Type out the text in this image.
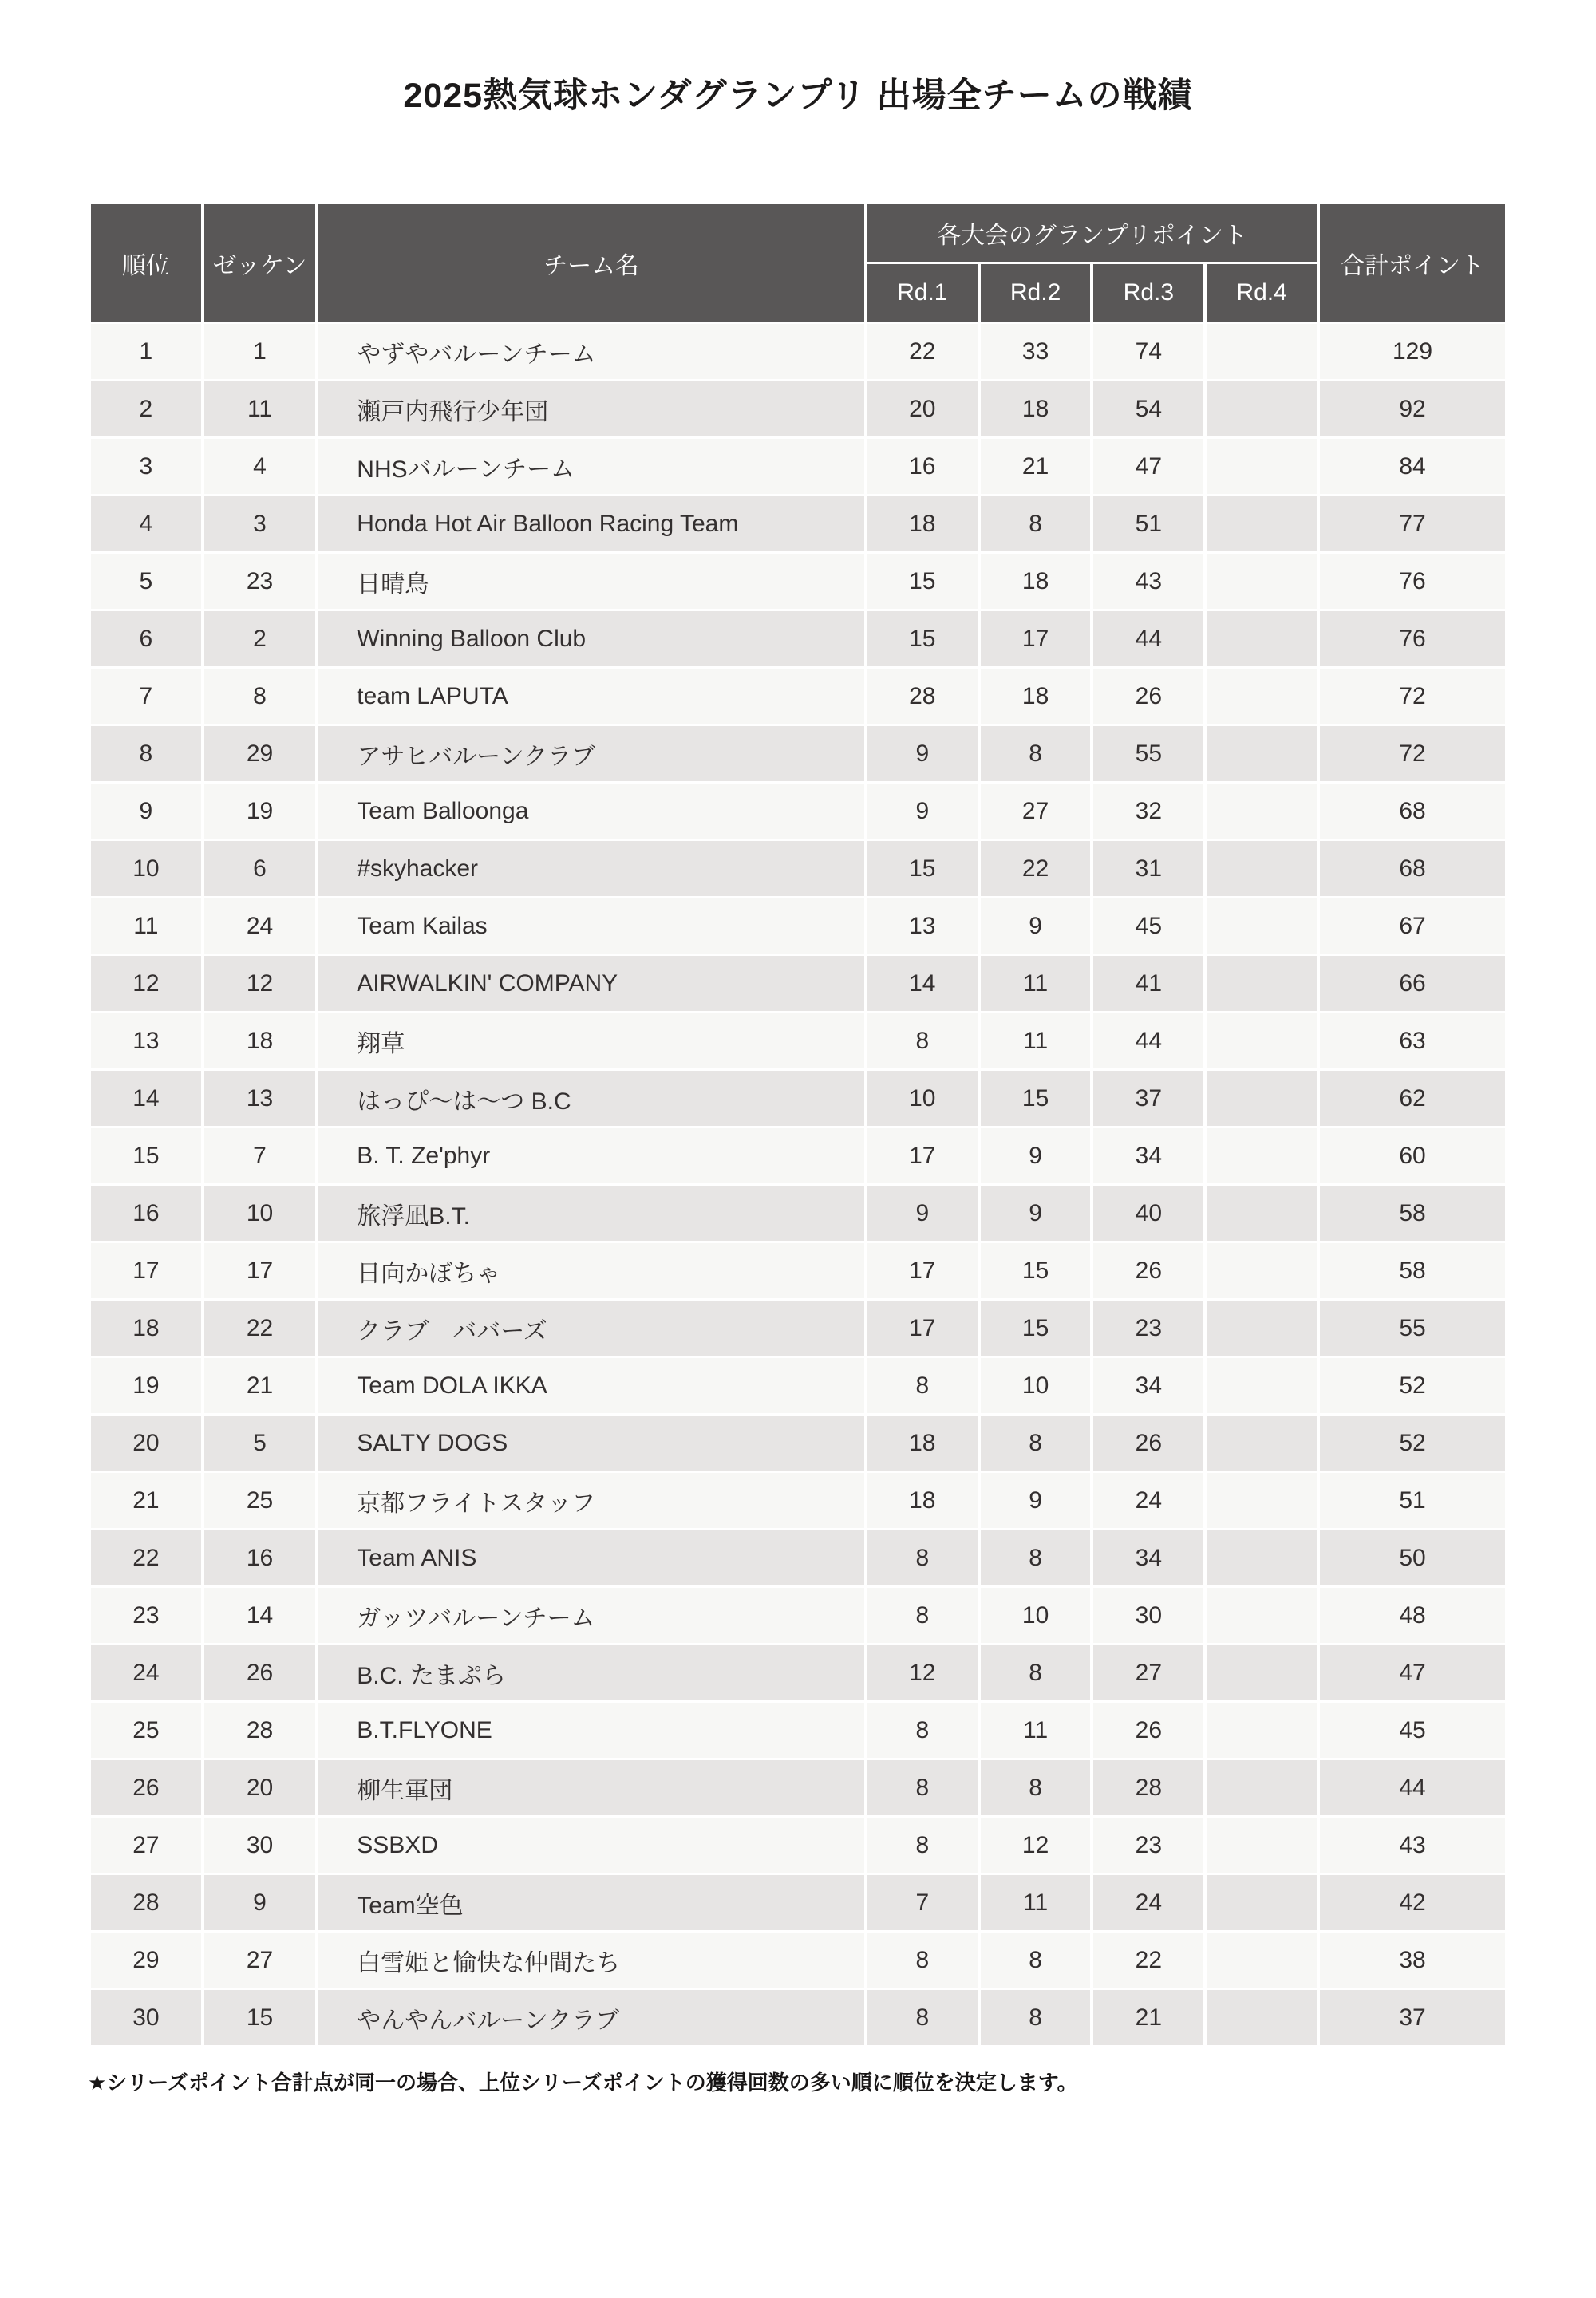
2025熱気球ホンダグランプリ 出場全チームの戦績
順位	ゼッケン	チーム名	各大会のグランプリポイント				合計ポイント
			Rd.1	Rd.2	Rd.3	Rd.4	
1	1	やずやバルーンチーム	22	33	74		129
2	11	瀬戸内飛行少年団	20	18	54		92
3	4	NHSバルーンチーム	16	21	47		84
4	3	Honda Hot Air Balloon Racing Team	18	8	51		77
5	23	日晴鳥	15	18	43		76
6	2	Winning Balloon Club	15	17	44		76
7	8	team LAPUTA	28	18	26		72
8	29	アサヒバルーンクラブ	9	8	55		72
9	19	Team Balloonga	9	27	32		68
10	6	#skyhacker	15	22	31		68
11	24	Team Kailas	13	9	45		67
12	12	AIRWALKIN' COMPANY	14	11	41		66
13	18	翔草	8	11	44		63
14	13	はっぴ〜は〜つ B.C	10	15	37		62
15	7	B. T. Ze'phyr	17	9	34		60
16	10	旅浮凪B.T.	9	9	40		58
17	17	日向かぼちゃ	17	15	26		58
18	22	クラブ　ババーズ	17	15	23		55
19	21	Team DOLA IKKA	8	10	34		52
20	5	SALTY DOGS	18	8	26		52
21	25	京都フライトスタッフ	18	9	24		51
22	16	Team ANIS	8	8	34		50
23	14	ガッツバルーンチーム	8	10	30		48
24	26	B.C. たまぷら	12	8	27		47
25	28	B.T.FLYONE	8	11	26		45
26	20	柳生軍団	8	8	28		44
27	30	SSBXD	8	12	23		43
28	9	Team空色	7	11	24		42
29	27	白雪姫と愉快な仲間たち	8	8	22		38
30	15	やんやんバルーンクラブ	8	8	21		37

★シリーズポイント合計点が同一の場合、上位シリーズポイントの獲得回数の多い順に順位を決定します。
